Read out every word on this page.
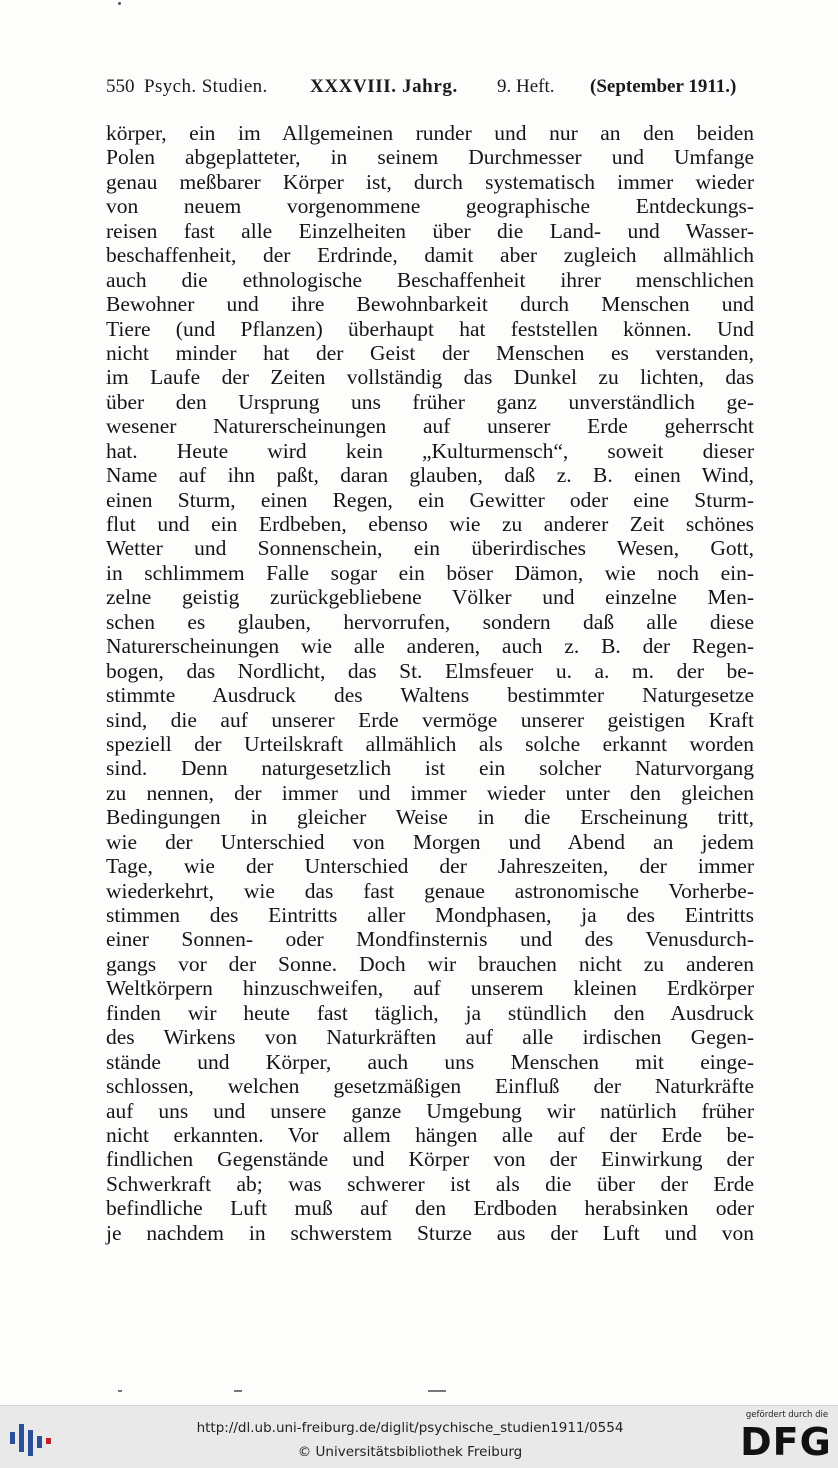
550 Psych. Studien. XXXVIII. Jahrg. 9. Heft. (September 1911.)
körper, ein im Allgemeinen runder und nur an den beiden
Polen abgeplatteter, in seinem Durchmesser und Umfange
genau meßbarer Körper ist, durch systematisch immer wieder
von neuem vorgenommene geographische Entdeckungs-
reisen fast alle Einzelheiten über die Land- und Wasser-
beschaffenheit, der Erdrinde, damit aber zugleich allmählich
auch die ethnologische Beschaffenheit ihrer menschlichen
Bewohner und ihre Bewohnbarkeit durch Menschen und
Tiere (und Pflanzen) überhaupt hat feststellen können. Und
nicht minder hat der Geist der Menschen es verstanden,
im Laufe der Zeiten vollständig das Dunkel zu lichten, das
über den Ursprung uns früher ganz unverständlich ge-
wesener Naturerscheinungen auf unserer Erde geherrscht
hat. Heute wird kein „Kulturmensch“, soweit dieser
Name auf ihn paßt, daran glauben, daß z. B. einen Wind,
einen Sturm, einen Regen, ein Gewitter oder eine Sturm-
flut und ein Erdbeben, ebenso wie zu anderer Zeit schönes
Wetter und Sonnenschein, ein überirdisches Wesen, Gott,
in schlimmem Falle sogar ein böser Dämon, wie noch ein-
zelne geistig zurückgebliebene Völker und einzelne Men-
schen es glauben, hervorrufen, sondern daß alle diese
Naturerscheinungen wie alle anderen, auch z. B. der Regen-
bogen, das Nordlicht, das St. Elmsfeuer u. a. m. der be-
stimmte Ausdruck des Waltens bestimmter Naturgesetze
sind, die auf unserer Erde vermöge unserer geistigen Kraft
speziell der Urteilskraft allmählich als solche erkannt worden
sind. Denn naturgesetzlich ist ein solcher Naturvorgang
zu nennen, der immer und immer wieder unter den gleichen
Bedingungen in gleicher Weise in die Erscheinung tritt,
wie der Unterschied von Morgen und Abend an jedem
Tage, wie der Unterschied der Jahreszeiten, der immer
wiederkehrt, wie das fast genaue astronomische Vorherbe-
stimmen des Eintritts aller Mondphasen, ja des Eintritts
einer Sonnen- oder Mondfinsternis und des Venusdurch-
gangs vor der Sonne. Doch wir brauchen nicht zu anderen
Weltkörpern hinzuschweifen, auf unserem kleinen Erdkörper
finden wir heute fast täglich, ja stündlich den Ausdruck
des Wirkens von Naturkräften auf alle irdischen Gegen-
stände und Körper, auch uns Menschen mit einge-
schlossen, welchen gesetzmäßigen Einfluß der Naturkräfte
auf uns und unsere ganze Umgebung wir natürlich früher
nicht erkannten. Vor allem hängen alle auf der Erde be-
findlichen Gegenstände und Körper von der Einwirkung der
Schwerkraft ab; was schwerer ist als die über der Erde
befindliche Luft muß auf den Erdboden herabsinken oder
je nachdem in schwerstem Sturze aus der Luft und von
http://dl.ub.uni-freiburg.de/diglit/psychische_studien1911/0554
© Universitätsbibliothek Freiburg
gefördert durch die
DFG
